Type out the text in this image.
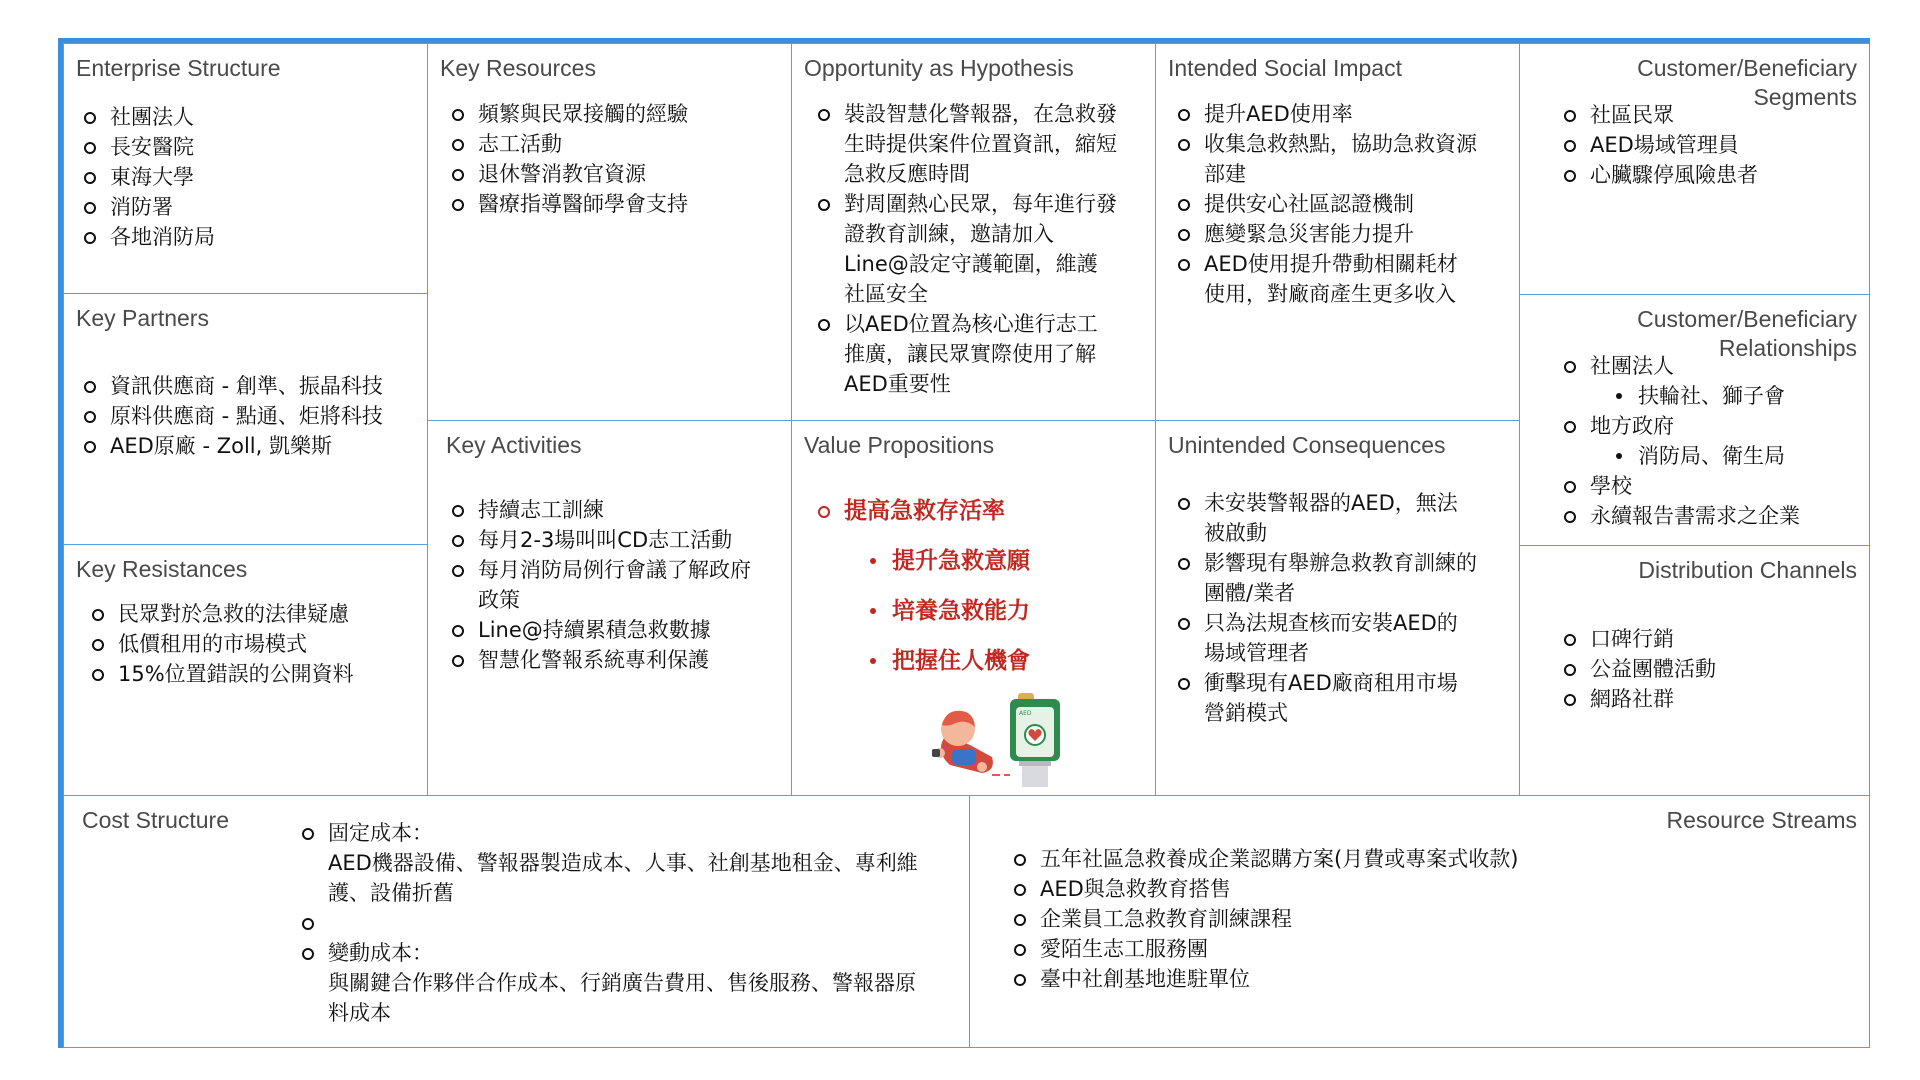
Enterprise Structure
社團法人
長安醫院
東海大學
消防署
各地消防局
Key Partners
資訊供應商 - 創準、振晶科技
原料供應商 - 點通、炬將科技
AED原廠 - Zoll, 凱樂斯
Key Resistances
民眾對於急救的法律疑慮
低價租用的市場模式
15%位置錯誤的公開資料
Key Resources
頻繁與民眾接觸的經驗
志工活動
退休警消教官資源
醫療指導醫師學會支持
Key Activities
持續志工訓練
每月2-3場叫叫CD志工活動
每月消防局例行會議了解政府政策
Line@持續累積急救數據
智慧化警報系統專利保護
Opportunity as Hypothesis
裝設智慧化警報器，在急救發生時提供案件位置資訊，縮短急救反應時間
對周圍熱心民眾，每年進行發證教育訓練，邀請加入Line@設定守護範圍，維護社區安全
以AED位置為核心進行志工推廣，讓民眾實際使用了解AED重要性
Value Propositions
提高急救存活率
提升急救意願
培養急救能力
把握住人機會
AED
Intended Social Impact
提升AED使用率
收集急救熱點，協助急救資源部建
提供安心社區認證機制
應變緊急災害能力提升
AED使用提升帶動相關耗材使用，對廠商產生更多收入
Unintended Consequences
未安裝警報器的AED，無法被啟動
影響現有舉辦急救教育訓練的團體/業者
只為法規查核而安裝AED的場域管理者
衝擊現有AED廠商租用市場營銷模式
Customer/Beneficiary Segments
社區民眾
AED場域管理員
心臟驟停風險患者
Customer/Beneficiary Relationships
社團法人
扶輪社、獅子會
地方政府
消防局、衛生局
學校
永續報告書需求之企業
Distribution Channels
口碑行銷
公益團體活動
網路社群
Cost Structure	固定成本：
AED機器設備、警報器製造成本、人事、社創基地租金、專利維護、設備折舊
變動成本：
與關鍵合作夥伴合作成本、行銷廣告費用、售後服務、警報器原料成本
Resource Streams
五年社區急救養成企業認購方案(月費或專案式收款)
AED與急救教育搭售
企業員工急救教育訓練課程
愛陌生志工服務團
臺中社創基地進駐單位
